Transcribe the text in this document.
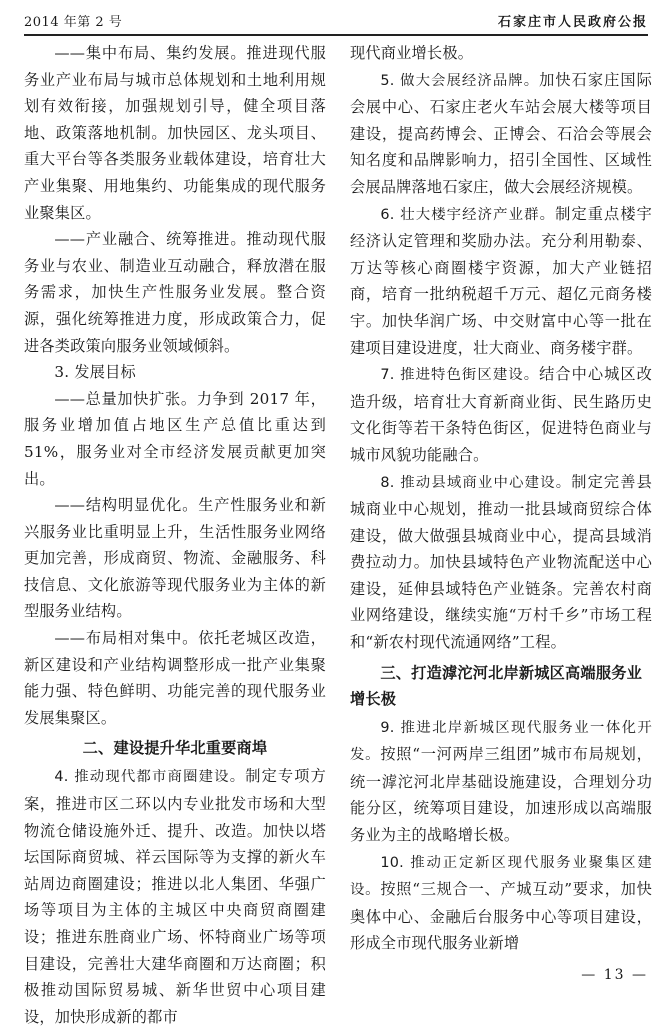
2014 年第 2 号	石家庄市人民政府公报

——集中布局、集约发展。推进现代服务业产业布局与城市总体规划和土地利用规划有效衔接，加强规划引导，健全项目落地、政策落地机制。加快园区、龙头项目、重大平台等各类服务业载体建设，培育壮大产业集聚、用地集约、功能集成的现代服务业聚集区。

——产业融合、统筹推进。推动现代服务业与农业、制造业互动融合，释放潜在服务需求，加快生产性服务业发展。整合资源，强化统筹推进力度，形成政策合力，促进各类政策向服务业领域倾斜。

3. 发展目标

——总量加快扩张。力争到 2017 年，服务业增加值占地区生产总值比重达到 51%，服务业对全市经济发展贡献更加突出。

——结构明显优化。生产性服务业和新兴服务业比重明显上升，生活性服务业网络更加完善，形成商贸、物流、金融服务、科技信息、文化旅游等现代服务业为主体的新型服务业结构。

——布局相对集中。依托老城区改造，新区建设和产业结构调整形成一批产业集聚能力强、特色鲜明、功能完善的现代服务业发展集聚区。

二、建设提升华北重要商埠

4. 推动现代都市商圈建设。制定专项方案，推进市区二环以内专业批发市场和大型物流仓储设施外迁、提升、改造。加快以塔坛国际商贸城、祥云国际等为支撑的新火车站周边商圈建设；推进以北人集团、华强广场等项目为主体的主城区中央商贸商圈建设；推进东胜商业广场、怀特商业广场等项目建设，完善壮大建华商圈和万达商圈；积极推动国际贸易城、新华世贸中心项目建设，加快形成新的都市

现代商业增长极。

5. 做大会展经济品牌。加快石家庄国际会展中心、石家庄老火车站会展大楼等项目建设，提高药博会、正博会、石洽会等展会知名度和品牌影响力，招引全国性、区域性会展品牌落地石家庄，做大会展经济规模。

6. 壮大楼宇经济产业群。制定重点楼宇经济认定管理和奖励办法。充分利用勒泰、万达等核心商圈楼宇资源，加大产业链招商，培育一批纳税超千万元、超亿元商务楼宇。加快华润广场、中交财富中心等一批在建项目建设进度，壮大商业、商务楼宇群。

7. 推进特色街区建设。结合中心城区改造升级，培育壮大育新商业街、民生路历史文化街等若干条特色街区，促进特色商业与城市风貌功能融合。

8. 推动县域商业中心建设。制定完善县城商业中心规划，推动一批县域商贸综合体建设，做大做强县城商业中心，提高县域消费拉动力。加快县域特色产业物流配送中心建设，延伸县域特色产业链条。完善农村商业网络建设，继续实施“万村千乡”市场工程和“新农村现代流通网络”工程。

三、打造滹沱河北岸新城区高端服务业增长极

9. 推进北岸新城区现代服务业一体化开发。按照“一河两岸三组团”城市布局规划，统一滹沱河北岸基础设施建设，合理划分功能分区，统筹项目建设，加速形成以高端服务业为主的战略增长极。

10. 推动正定新区现代服务业聚集区建设。按照“三规合一、产城互动”要求，加快奥体中心、金融后台服务中心等项目建设，形成全市现代服务业新增

— 13 —
